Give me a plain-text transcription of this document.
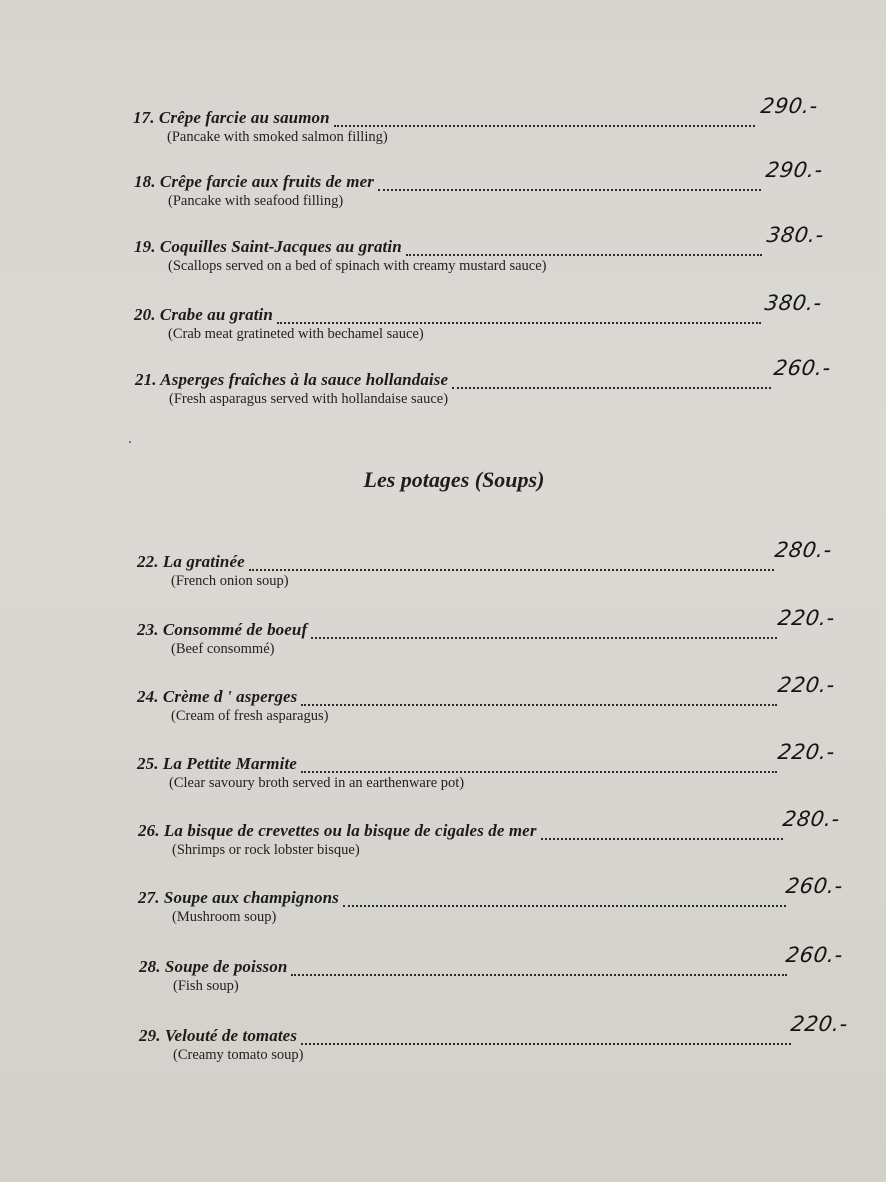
17. Crêpe farcie au saumon	290.-
(Pancake with smoked salmon filling)
18. Crêpe farcie aux fruits de mer	290.-
(Pancake with seafood filling)
19. Coquilles Saint-Jacques au gratin	380.-
(Scallops served on a bed of spinach with creamy mustard sauce)
20. Crabe au gratin	380.-
(Crab meat gratineted with bechamel sauce)
21. Asperges fraîches à la sauce hollandaise	260.-
(Fresh asparagus served with hollandaise sauce)
Les potages (Soups)
22. La gratinée	280.-
(French onion soup)
23. Consommé de boeuf	220.-
(Beef consommé)
24. Crème d ' asperges	220.-
(Cream of fresh asparagus)
25. La Pettite Marmite	220.-
(Clear savoury broth served in an earthenware pot)
26. La bisque de crevettes ou la bisque de cigales de mer	280.-
(Shrimps or rock lobster bisque)
27. Soupe aux champignons	260.-
(Mushroom soup)
28. Soupe de poisson	260.-
(Fish soup)
29. Velouté de tomates	220.-
(Creamy tomato soup)
